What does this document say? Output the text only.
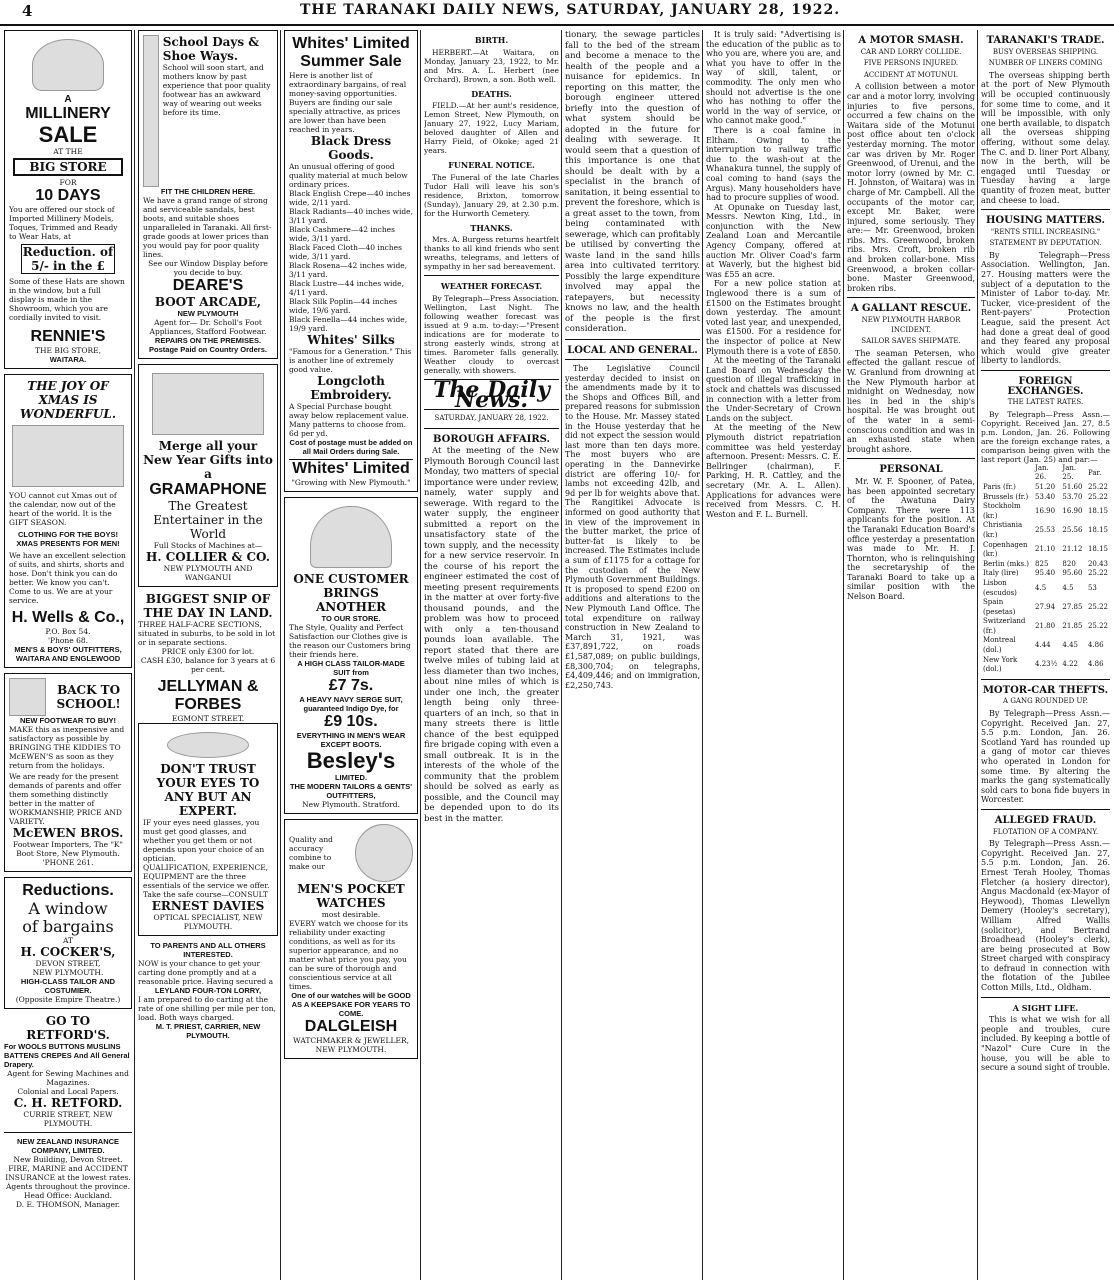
4	THE TARANAKI DAILY NEWS, SATURDAY, JANUARY 28, 1922.
A
MILLINERY
SALE
AT THE
BIG STORE
FOR
10 DAYS
You are offered our stock of Imported Millinery Models, Toques, Trimmed and Ready to Wear Hats, at
Reduction. of 5/- in the £
Some of these Hats are shown in the window, but a full display is made in the Showroom, which you are cordially invited to visit.
RENNIE'S
THE BIG STORE,
WAITARA.
THE JOY OF XMAS IS WONDERFUL.
YOU cannot cut Xmas out of the calendar, now out of the heart of the world. It is the GIFT SEASON.
CLOTHING FOR THE BOYS! XMAS PRESENTS FOR MEN!
We have an excellent selection of suits, and shirts, shorts and hose. Don't think you can do better. We know you can't. Come to us. We are at your service.
H. Wells & Co.,
P.O. Box 54.
'Phone 68.
MEN'S & BOYS' OUTFITTERS,
WAITARA AND ENGLEWOOD
BACK TO SCHOOL!
NEW FOOTWEAR TO BUY!
MAKE this as inexpensive and satisfactory as possible by BRINGING THE KIDDIES TO McEWEN'S as soon as they return from the holidays.
We are ready for the present demands of parents and offer them something distinctly better in the matter of WORKMANSHIP, PRICE AND VARIETY.
McEWEN BROS.
Footwear Importers, The "K" Boot Store, New Plymouth. 'PHONE 261.
Reductions.
A window
of bargains
AT
H. COCKER'S,
DEVON STREET,
NEW PLYMOUTH.
HIGH-CLASS TAILOR AND COSTUMIER.
(Opposite Empire Theatre.)
GO TO RETFORD'S.
For WOOLS BUTTONS MUSLINS BATTENS CREPES And All General Drapery.
Agent for Sewing Machines and Magazines.
Colonial and Local Papers.
C. H. RETFORD.
CURRIE STREET, NEW PLYMOUTH.
NEW ZEALAND INSURANCE COMPANY, LIMITED.
New Building, Devon Street.
FIRE, MARINE and ACCIDENT INSURANCE at the lowest rates. Agents throughout the province.
Head Office: Auckland.
D. E. THOMSON, Manager.
School Days & Shoe Ways.
School will soon start, and mothers know by past experience that poor quality footwear has an awkward way of wearing out weeks before its time.
FIT THE CHILDREN HERE.
We have a grand range of strong and serviceable sandals, best boots, and suitable shoes unparalleled in Taranaki. All first-grade goods at lower prices than you would pay for poor quality lines.
See our Window Display before you decide to buy.
DEARE'S
BOOT ARCADE,
NEW PLYMOUTH
Agent for— Dr. Scholl's Foot Appliances, Stafford Footwear.
REPAIRS ON THE PREMISES. Postage Paid on Country Orders.
Merge all your New Year Gifts into a
GRAMAPHONE
The Greatest Entertainer in the World
Full Stocks of Machines at—
H. COLLIER & CO.
NEW PLYMOUTH AND WANGANUI
BIGGEST SNIP OF THE DAY IN LAND.
THREE HALF-ACRE SECTIONS, situated in suburbs, to be sold in lot or in separate sections.
PRICE only £300 for lot.
CASH £30, balance for 3 years at 6 per cent.
JELLYMAN & FORBES
EGMONT STREET.
DON'T TRUST YOUR EYES TO ANY BUT AN EXPERT.
IF your eyes need glasses, you must get good glasses, and whether you get them or not depends upon your choice of an optician.
QUALIFICATION, EXPERIENCE, EQUIPMENT are the three essentials of the service we offer. Take the safe course—CONSULT
ERNEST DAVIES
OPTICAL SPECIALIST, NEW PLYMOUTH.
TO PARENTS AND ALL OTHERS INTERESTED.
NOW is your chance to get your carting done promptly and at a reasonable price. Having secured a
LEYLAND FOUR-TON LORRY,
I am prepared to do carting at the rate of one shilling per mile per ton, load. Both ways charged.
M. T. PRIEST, CARRIER, NEW PLYMOUTH.
Whites' Limited Summer Sale
Here is another list of extraordinary bargains, of real money-saving opportunities. Buyers are finding our sale specially attractive, as prices are lower than have been reached in years.
Black Dress Goods.
An unusual offering of good quality material at much below ordinary prices.
Black English Crepe—40 inches wide, 2/11 yard.
Black Radiants—40 inches wide, 3/11 yard.
Black Cashmere—42 inches wide, 3/11 yard.
Black Faced Cloth—40 inches wide, 3/11 yard.
Black Rosena—42 inches wide, 3/11 yard.
Black Lustre—44 inches wide, 4/11 yard.
Black Silk Poplin—44 inches wide, 19/6 yard.
Black Fenella—44 inches wide, 19/9 yard.
Whites' Silks
"Famous for a Generation." This is another line of extremely good value.
Longcloth Embroidery.
A Special Purchase bought away below replacement value. Many patterns to choose from. 6d per yd.
Cost of postage must be added on all Mail Orders during Sale.
Whites' Limited
"Growing with New Plymouth."
ONE CUSTOMER BRINGS ANOTHER
TO OUR STORE.
The Style, Quality and Perfect Satisfaction our Clothes give is the reason our Customers bring their friends here.
A HIGH CLASS TAILOR-MADE SUIT from
£7 7s.
A HEAVY NAVY SERGE SUIT, guaranteed Indigo Dye, for
£9 10s.
EVERYTHING IN MEN'S WEAR EXCEPT BOOTS.
Besley's
LIMITED.
THE MODERN TAILORS & GENTS' OUTFITTERS,
New Plymouth. Stratford.
Quality and accuracy combine to make our
MEN'S POCKET WATCHES
most desirable.
EVERY watch we choose for its reliability under exacting conditions, as well as for its superior appearance, and no matter what price you pay, you can be sure of thorough and conscientious service at all times.
One of our watches will be GOOD AS A KEEPSAKE FOR YEARS TO COME.
DALGLEISH
WATCHMAKER & JEWELLER, NEW PLYMOUTH.
BIRTH.

HERBERT.—At Waitara, on Monday, January 23, 1922, to Mr. and Mrs. A. L. Herbert (nee Orchard), Brown, a son. Both well.

DEATHS.

FIELD.—At her aunt's residence, Lemon Street, New Plymouth, on January 27, 1922, Lucy Mariam, beloved daughter of Allen and Harry Field, of Okoke; aged 21 years.

FUNERAL NOTICE.

The Funeral of the late Charles Tudor Hall will leave his son's residence, Brixton, tomorrow (Sunday), January 29, at 2.30 p.m. for the Hurworth Cemetery.

THANKS.

Mrs. A. Burgess returns heartfelt thanks to all kind friends who sent wreaths, telegrams, and letters of sympathy in her sad bereavement.

WEATHER FORECAST.

By Telegraph—Press Association. Wellington, Last Night. The following weather forecast was issued at 9 a.m. to-day:—"Present indications are for moderate to strong easterly winds, strong at times. Barometer falls generally. Weather cloudy to overcast generally, with showers.

The Daily News.
SATURDAY, JANUARY 28, 1922.
BOROUGH AFFAIRS.

At the meeting of the New Plymouth Borough Council last Monday, two matters of special importance were under review, namely, water supply and sewerage. With regard to the water supply, the engineer submitted a report on the unsatisfactory state of the town supply, and the necessity for a new service reservoir. In the course of his report the engineer estimated the cost of meeting present requirements in the matter at over forty-five thousand pounds, and the problem was how to proceed with only a ten-thousand pounds loan available. The report stated that there are twelve miles of tubing laid at less diameter than two inches, about nine miles of which is under one inch, the greater length being only three-quarters of an inch, so that in many streets there is little chance of the best equipped fire brigade coping with even a small outbreak. It is in the interests of the whole of the community that the problem should be solved as early as possible, and the Council may be depended upon to do its best in the matter.

tionary, the sewage particles fall to the bed of the stream and become a menace to the health of the people and a nuisance for epidemics. In reporting on this matter, the borough engineer uttered briefly into the question of what system should be adopted in the future for dealing with sewerage. It would seem that a question of this importance is one that should be dealt with by a specialist in the branch of sanitation, it being essential to prevent the foreshore, which is a great asset to the town, from being contaminated with sewerage, which can profitably be utilised by converting the waste land in the sand hills area into cultivated territory. Possibly the large expenditure involved may appal the ratepayers, but necessity knows no law, and the health of the people is the first consideration.

LOCAL AND GENERAL.

The Legislative Council yesterday decided to insist on the amendments made by it to the Shops and Offices Bill, and prepared reasons for submission to the House. Mr. Massey stated in the House yesterday that he did not expect the session would last more than ten days more. The most buyers who are operating in the Dannevirke district are offering 10/- for lambs not exceeding 42lb, and 9d per lb for weights above that. The Rangitikei Advocate is informed on good authority that in view of the improvement in the butter market, the price of butter-fat is likely to be increased. The Estimates include a sum of £1175 for a cottage for the custodian of the New Plymouth Government Buildings. It is proposed to spend £200 on additions and alterations to the New Plymouth Land Office. The total expenditure on railway construction in New Zealand to March 31, 1921, was £37,891,722, on roads £1,587,089; on public buildings, £8,300,704; on telegraphs, £4,409,446; and on immigration, £2,250,743.

It is truly said: "Advertising is the education of the public as to who you are, where you are, and what you have to offer in the way of skill, talent, or commodity. The only men who should not advertise is the one who has nothing to offer the world in the way of service, or who cannot make good."

There is a coal famine in Eltham. Owing to the interruption to railway traffic due to the wash-out at the Whanakura tunnel, the supply of coal coming to hand (says the Argus). Many householders have had to procure supplies of wood.

At Opunake on Tuesday last, Messrs. Newton King, Ltd., in conjunction with the New Zealand Loan and Mercantile Agency Company, offered at auction Mr. Oliver Coad's farm at Waverly, but the highest bid was £55 an acre.

For a new police station at Inglewood there is a sum of £1500 on the Estimates brought down yesterday. The amount voted last year, and unexpended, was £1500. For a residence for the inspector of police at New Plymouth there is a vote of £850.

At the meeting of the Taranaki Land Board on Wednesday the question of illegal trafficking in stock and chattels was discussed in connection with a letter from the Under-Secretary of Crown Lands on the subject.

At the meeting of the New Plymouth district repatriation committee was held yesterday afternoon. Present: Messrs. C. E. Bellringer (chairman), F. Parking, H. R. Cattley, and the secretary (Mr. A. L. Allen). Applications for advances were received from Messrs. C. H. Weston and F. L. Burnell.

A MOTOR SMASH.
CAR AND LORRY COLLIDE.
FIVE PERSONS INJURED.
ACCIDENT AT MOTUNUI.

A collision between a motor car and a motor lorry, involving injuries to five persons, occurred a few chains on the Waitara side of the Motunui post office about ten o'clock yesterday morning. The motor car was driven by Mr. Roger Greenwood, of Urenui, and the motor lorry (owned by Mr. C. H. Johnston, of Waitara) was in charge of Mr. Campbell. All the occupants of the motor car, except Mr. Baker, were injured, some seriously. They are:— Mr. Greenwood, broken ribs. Mrs. Greenwood, broken ribs. Mrs. Croft, broken rib and broken collar-bone. Miss Greenwood, a broken collar-bone. Master Greenwood, broken ribs.

A GALLANT RESCUE.
NEW PLYMOUTH HARBOR INCIDENT.
SAILOR SAVES SHIPMATE.

The seaman Petersen, who effected the gallant rescue of W. Granlund from drowning at the New Plymouth harbor at midnight on Wednesday, now lies in bed in the ship's hospital. He was brought out of the water in a semi-conscious condition and was in an exhausted state when brought ashore.

PERSONAL

Mr. W. F. Spooner, of Patea, has been appointed secretary of the Awatuna Dairy Company. There were 113 applicants for the position. At the Taranaki Education Board's office yesterday a presentation was made to Mr. H. J. Thornton, who is relinquishing the secretaryship of the Taranaki Board to take up a similar position with the Nelson Board.

TARANAKI'S TRADE.
BUSY OVERSEAS SHIPPING.
NUMBER OF LINERS COMING

The overseas shipping berth at the port of New Plymouth will be occupied continuously for some time to come, and it will be impossible, with only one berth available, to dispatch all the overseas shipping offering, without some delay. The C. and D. liner Port Albany, now in the berth, will be engaged until Tuesday or Tuesday having a large quantity of frozen meat, butter and cheese to load.

HOUSING MATTERS.
"RENTS STILL INCREASING."
STATEMENT BY DEPUTATION.

By Telegraph—Press Association. Wellington, Jan. 27. Housing matters were the subject of a deputation to the Minister of Labor to-day. Mr. Tucker, vice-president of the Rent-payers' Protection League, said the present Act had done a great deal of good and they feared any proposal which would give greater liberty to landlords.

FOREIGN EXCHANGES.
THE LATEST RATES.

By Telegraph—Press Assn.—Copyright. Received Jan. 27, 8.5 p.m. London, Jan. 26. Following are the foreign exchange rates, a comparison being given with the last report (Jan. 25) and par:—

	Jan. 26.	Jan. 25.	Par.
Paris (fr.)	51.20	51.60	25.22
Brussels (fr.)	53.40	53.70	25.22
Stockholm (kr.)	16.90	16.90	18.15
Christiania (kr.)	25.53	25.56	18.15
Copenhagen (kr.)	21.10	21.12	18.15
Berlin (mks.)	825	820	20.43
Italy (lire)	95.40	95.60	25.22
Lisbon (escudos)	4.5	4.5	53
Spain (pesetas)	27.94	27.85	25.22
Switzerland (fr.)	21.80	21.85	25.22
Montreal (dol.)	4.44	4.45	4.86
New York (dol.)	4.23½	4.22	4.86
MOTOR-CAR THEFTS.
A GANG ROUNDED UP.

By Telegraph—Press Assn.—Copyright. Received Jan. 27, 5.5 p.m. London, Jan. 26. Scotland Yard has rounded up a gang of motor car thieves who operated in London for some time. By altering the marks the gang systematically sold cars to bona fide buyers in Worcester.

ALLEGED FRAUD.
FLOTATION OF A COMPANY.

By Telegraph—Press Assn.—Copyright. Received Jan. 27, 5.5 p.m. London, Jan. 26. Ernest Terah Hooley, Thomas Fletcher (a hosiery director), Angus Macdonald (ex-Mayor of Heywood), Thomas Llewellyn Demery (Hooley's secretary), William Alfred Wallis (solicitor), and Bertrand Broadhead (Hooley's clerk), are being prosecuted at Bow Street charged with conspiracy to defraud in connection with the flotation of the Jubilee Cotton Mills, Ltd., Oldham.

A SIGHT LIFE.

This is what we wish for all people and troubles, cure included. By keeping a bottle of "Nazol" Cure Cure in the house, you will be able to secure a sound sight of trouble.
